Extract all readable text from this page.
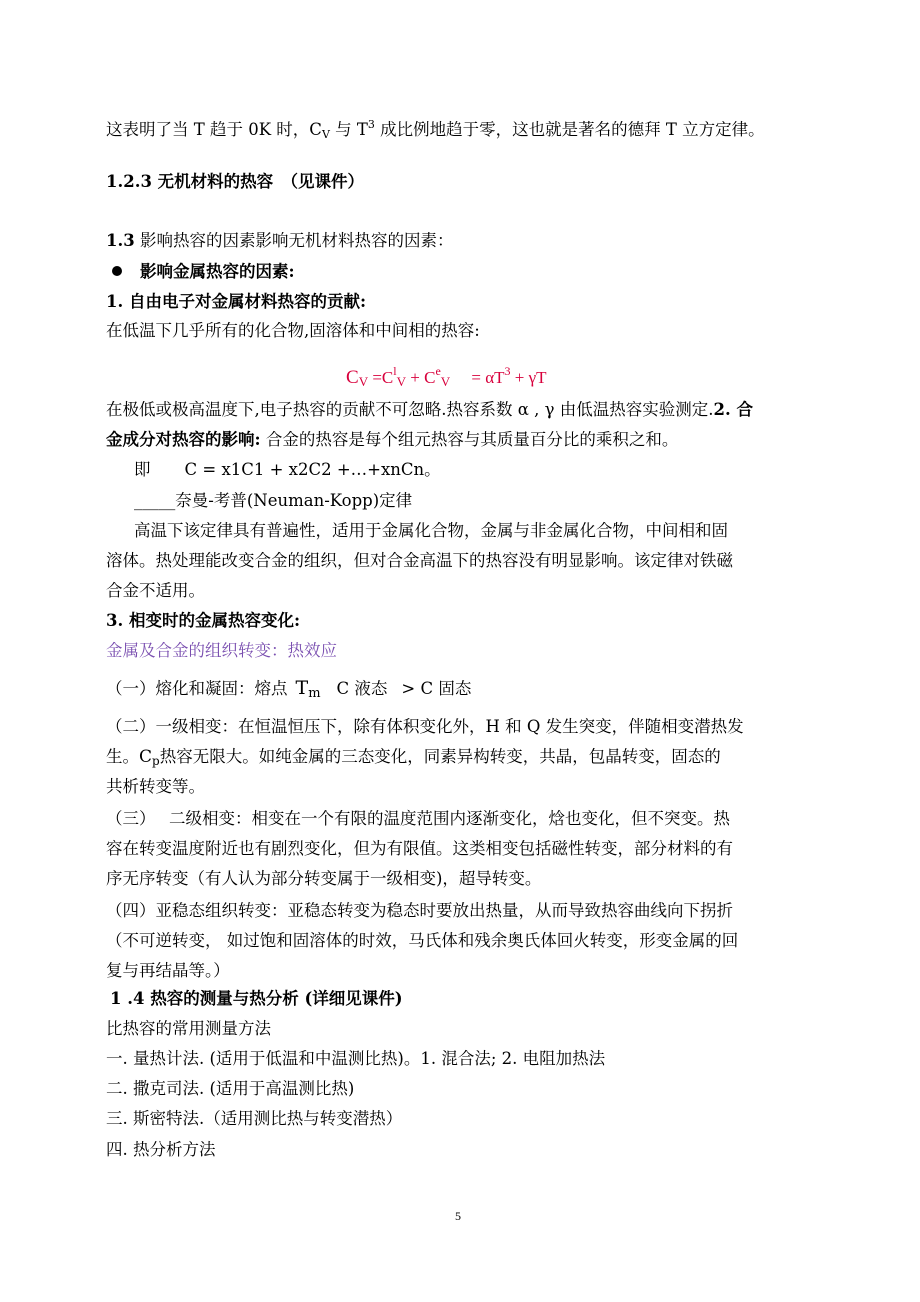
这表明了当 T 趋于 0K 时，$C_V$ 与 $T^3$ 成比例地趋于零，这也就是著名的德拜 T 立方定律。
1.2.3 无机材料的热容　（见课件）
1.3 影响热容的因素影响无机材料热容的因素：
影响金属热容的因素:
1. 自由电子对金属材料热容的贡献:
在低温下几乎所有的化合物,固溶体和中间相的热容:
CV $=C^lV + C^eV$     = $\alpha T^3 + \gamma T$
在极低或极高温度下,电子热容的贡献不可忽略.热容系数 α , γ 由低温热容实验测定.2. 合
金成分对热容的影响: 合金的热容是每个组元热容与其质量百分比的乘积之和。
即 C = x1C1 + x2C2 +…+xnCn。
_____奈曼-考普(Neuman-Kopp)定律
高温下该定律具有普遍性，适用于金属化合物，金属与非金属化合物，中间相和固
溶体。热处理能改变合金的组织，但对合金高温下的热容没有明显影响。该定律对铁磁
合金不适用。
3. 相变时的金属热容变化:
金属及合金的组织转变：热效应
（一）熔化和凝固：熔点 Tm C 液态 > C 固态
（二）一级相变：在恒温恒压下，除有体积变化外，H 和 Q 发生突变，伴随相变潜热发
生。Cp热容无限大。如纯金属的三态变化，同素异构转变，共晶，包晶转变，固态的
共析转变等。
（三）　 二级相变：相变在一个有限的温度范围内逐渐变化，焓也变化，但不突变。热
容在转变温度附近也有剧烈变化，但为有限值。这类相变包括磁性转变，部分材料的有
序无序转变（有人认为部分转变属于一级相变)，超导转变。
（四）亚稳态组织转变：亚稳态转变为稳态时要放出热量，从而导致热容曲线向下拐折
（不可逆转变， 如过饱和固溶体的时效，马氏体和残余奥氏体回火转变，形变金属的回
复与再结晶等。）
1 .4 热容的测量与热分析 (详细见课件)
比热容的常用测量方法
一. 量热计法. (适用于低温和中温测比热)。1. 混合法; 2. 电阻加热法
二. 撒克司法. (适用于高温测比热)
三. 斯密特法.（适用测比热与转变潜热）
四. 热分析方法
5
